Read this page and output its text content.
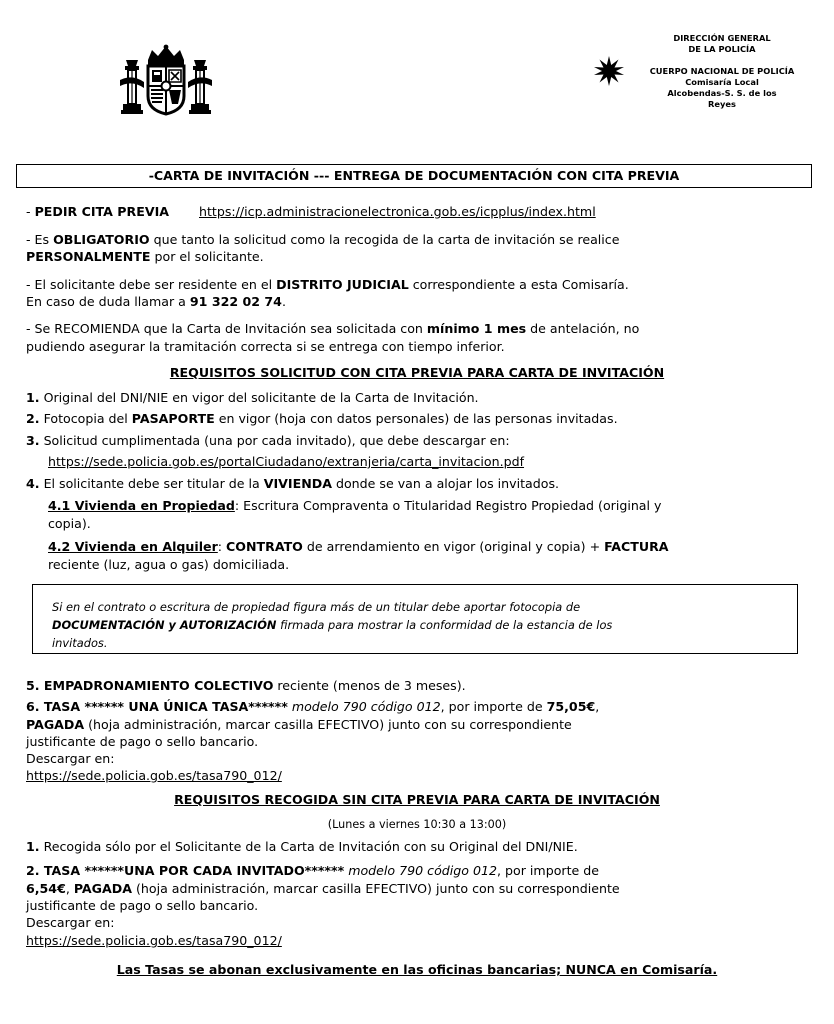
DIRECCIÓN GENERAL
DE LA POLICÍA
CUERPO NACIONAL DE POLICÍA
Comisaría Local
Alcobendas-S. S. de los
Reyes
-CARTA DE INVITACIÓN --- ENTREGA DE DOCUMENTACIÓN CON CITA PREVIA
- PEDIR CITA PREVIA https://icp.administracionelectronica.gob.es/icpplus/index.html
- Es OBLIGATORIO que tanto la solicitud como la recogida de la carta de invitación se realice
PERSONALMENTE por el solicitante.
- El solicitante debe ser residente en el DISTRITO JUDICIAL correspondiente a esta Comisaría.
En caso de duda llamar a 91 322 02 74.
- Se RECOMIENDA que la Carta de Invitación sea solicitada con mínimo 1 mes de antelación, no
pudiendo asegurar la tramitación correcta si se entrega con tiempo inferior.
REQUISITOS SOLICITUD CON CITA PREVIA PARA CARTA DE INVITACIÓN
1. Original del DNI/NIE en vigor del solicitante de la Carta de Invitación.
2. Fotocopia del PASAPORTE en vigor (hoja con datos personales) de las personas invitadas.
3. Solicitud cumplimentada (una por cada invitado), que debe descargar en:
https://sede.policia.gob.es/portalCiudadano/extranjeria/carta_invitacion.pdf
4. El solicitante debe ser titular de la VIVIENDA donde se van a alojar los invitados.
4.1 Vivienda en Propiedad: Escritura Compraventa o Titularidad Registro Propiedad (original y
copia).
4.2 Vivienda en Alquiler: CONTRATO de arrendamiento en vigor (original y copia) + FACTURA
reciente (luz, agua o gas) domiciliada.

Si en el contrato o escritura de propiedad figura más de un titular debe aportar fotocopia de

DOCUMENTACIÓN y AUTORIZACIÓN firmada para mostrar la conformidad de la estancia de los

invitados.

5. EMPADRONAMIENTO COLECTIVO reciente (menos de 3 meses).
6. TASA ****** UNA ÚNICA TASA****** modelo 790 código 012, por importe de 75,05€,
PAGADA (hoja administración, marcar casilla EFECTIVO) junto con su correspondiente
justificante de pago o sello bancario.
Descargar en:
https://sede.policia.gob.es/tasa790_012/
REQUISITOS RECOGIDA SIN CITA PREVIA PARA CARTA DE INVITACIÓN
(Lunes a viernes 10:30 a 13:00)
1. Recogida sólo por el Solicitante de la Carta de Invitación con su Original del DNI/NIE.
2. TASA ******UNA POR CADA INVITADO****** modelo 790 código 012, por importe de
6,54€, PAGADA (hoja administración, marcar casilla EFECTIVO) junto con su correspondiente
justificante de pago o sello bancario.
Descargar en:
https://sede.policia.gob.es/tasa790_012/
Las Tasas se abonan exclusivamente en las oficinas bancarias; NUNCA en Comisaría.
